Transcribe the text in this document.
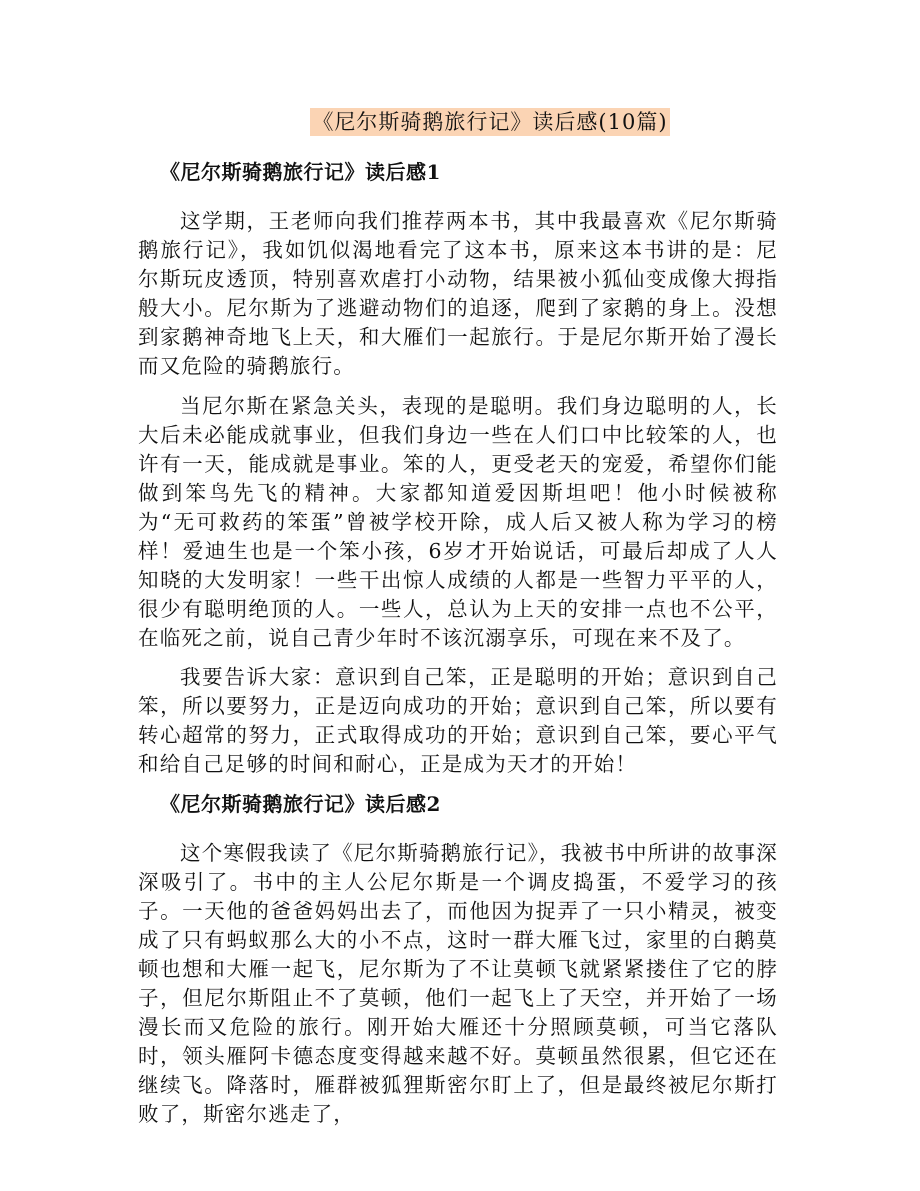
《尼尔斯骑鹅旅行记》读后感(10篇)
《尼尔斯骑鹅旅行记》读后感1

这学期，王老师向我们推荐两本书，其中我最喜欢《尼尔斯骑鹅旅行记》，我如饥似渴地看完了这本书，原来这本书讲的是：尼尔斯玩皮透顶，特别喜欢虐打小动物，结果被小狐仙变成像大拇指般大小。尼尔斯为了逃避动物们的追逐，爬到了家鹅的身上。没想到家鹅神奇地飞上天，和大雁们一起旅行。于是尼尔斯开始了漫长而又危险的骑鹅旅行。

当尼尔斯在紧急关头，表现的是聪明。我们身边聪明的人，长大后未必能成就事业，但我们身边一些在人们口中比较笨的人，也许有一天，能成就是事业。笨的人，更受老天的宠爱，希望你们能做到笨鸟先飞的精神。大家都知道爱因斯坦吧！他小时候被称为“无可救药的笨蛋”曾被学校开除，成人后又被人称为学习的榜样！爱迪生也是一个笨小孩，6岁才开始说话，可最后却成了人人知晓的大发明家！一些干出惊人成绩的人都是一些智力平平的人，很少有聪明绝顶的人。一些人，总认为上天的安排一点也不公平，在临死之前，说自己青少年时不该沉溺享乐，可现在来不及了。

我要告诉大家：意识到自己笨，正是聪明的开始；意识到自己笨，所以要努力，正是迈向成功的开始；意识到自己笨，所以要有转心超常的努力，正式取得成功的开始；意识到自己笨，要心平气和给自己足够的时间和耐心，正是成为天才的开始！

《尼尔斯骑鹅旅行记》读后感2

这个寒假我读了《尼尔斯骑鹅旅行记》，我被书中所讲的故事深深吸引了。书中的主人公尼尔斯是一个调皮捣蛋，不爱学习的孩子。一天他的爸爸妈妈出去了，而他因为捉弄了一只小精灵，被变成了只有蚂蚁那么大的小不点，这时一群大雁飞过，家里的白鹅莫顿也想和大雁一起飞，尼尔斯为了不让莫顿飞就紧紧搂住了它的脖子，但尼尔斯阻止不了莫顿，他们一起飞上了天空，并开始了一场漫长而又危险的旅行。刚开始大雁还十分照顾莫顿，可当它落队时，领头雁阿卡德态度变得越来越不好。莫顿虽然很累，但它还在继续飞。降落时，雁群被狐狸斯密尔盯上了，但是最终被尼尔斯打败了，斯密尔逃走了，
